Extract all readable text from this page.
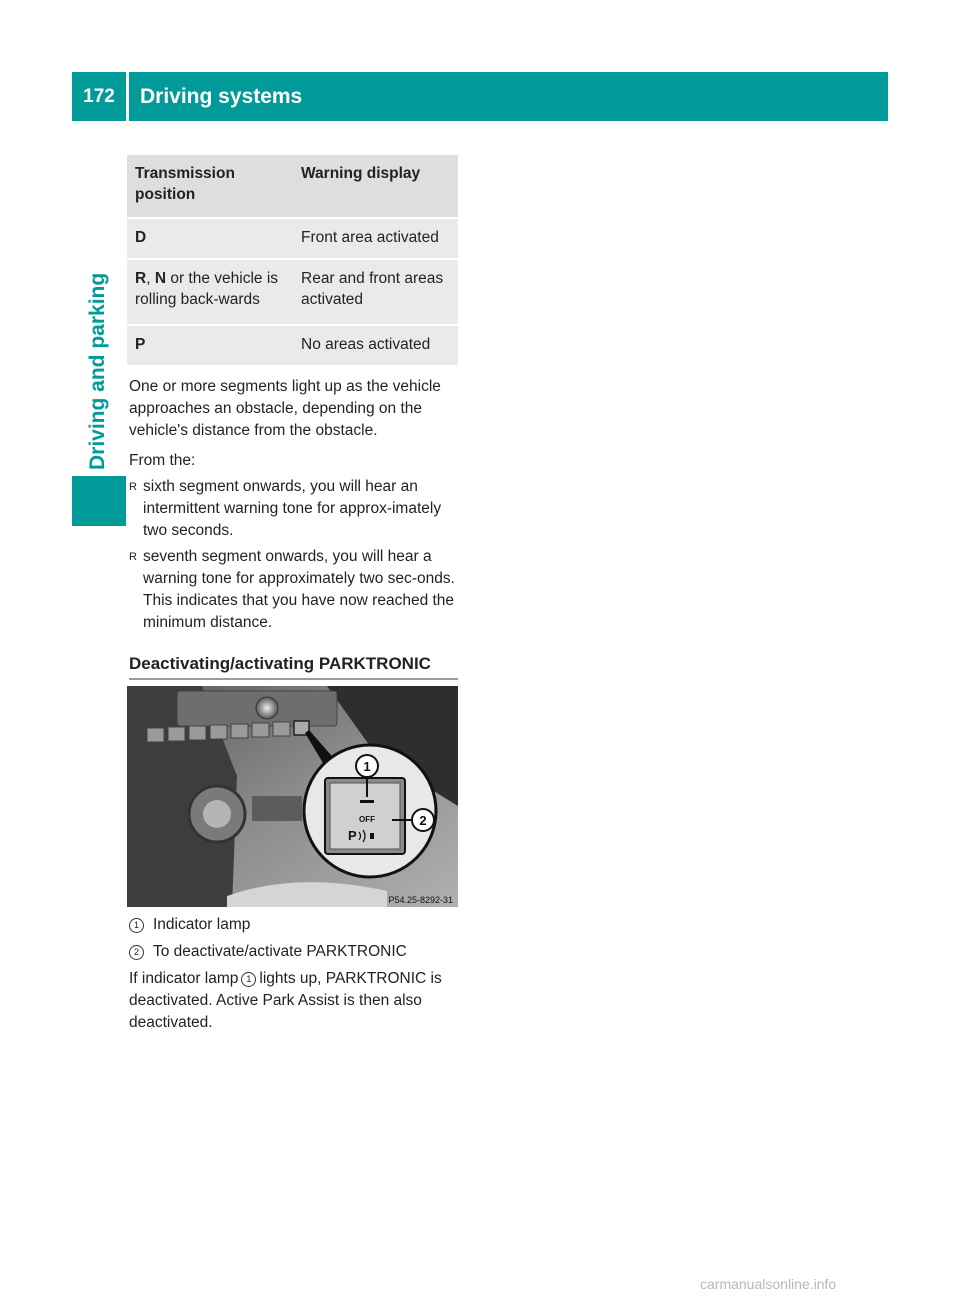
172	Driving systems
Driving and parking
Transmission position	Warning display
D	Front area activated
R, N or the vehicle is rolling back-wards	Rear and front areas activated
P	No areas activated

One or more segments light up as the vehicle approaches an obstacle, depending on the vehicle's distance from the obstacle.

From the:

R sixth segment onwards, you will hear an intermittent warning tone for approx-imately two seconds.
R seventh segment onwards, you will hear a warning tone for approximately two sec-onds. This indicates that you have now reached the minimum distance.
Deactivating/activating PARKTRONIC
OFF
P
1
2
P54.25-8292-31
1 Indicator lamp
2 To deactivate/activate PARKTRONIC

If indicator lamp 1 lights up, PARKTRONIC is deactivated. Active Park Assist is then also deactivated.

carmanualsonline.info
